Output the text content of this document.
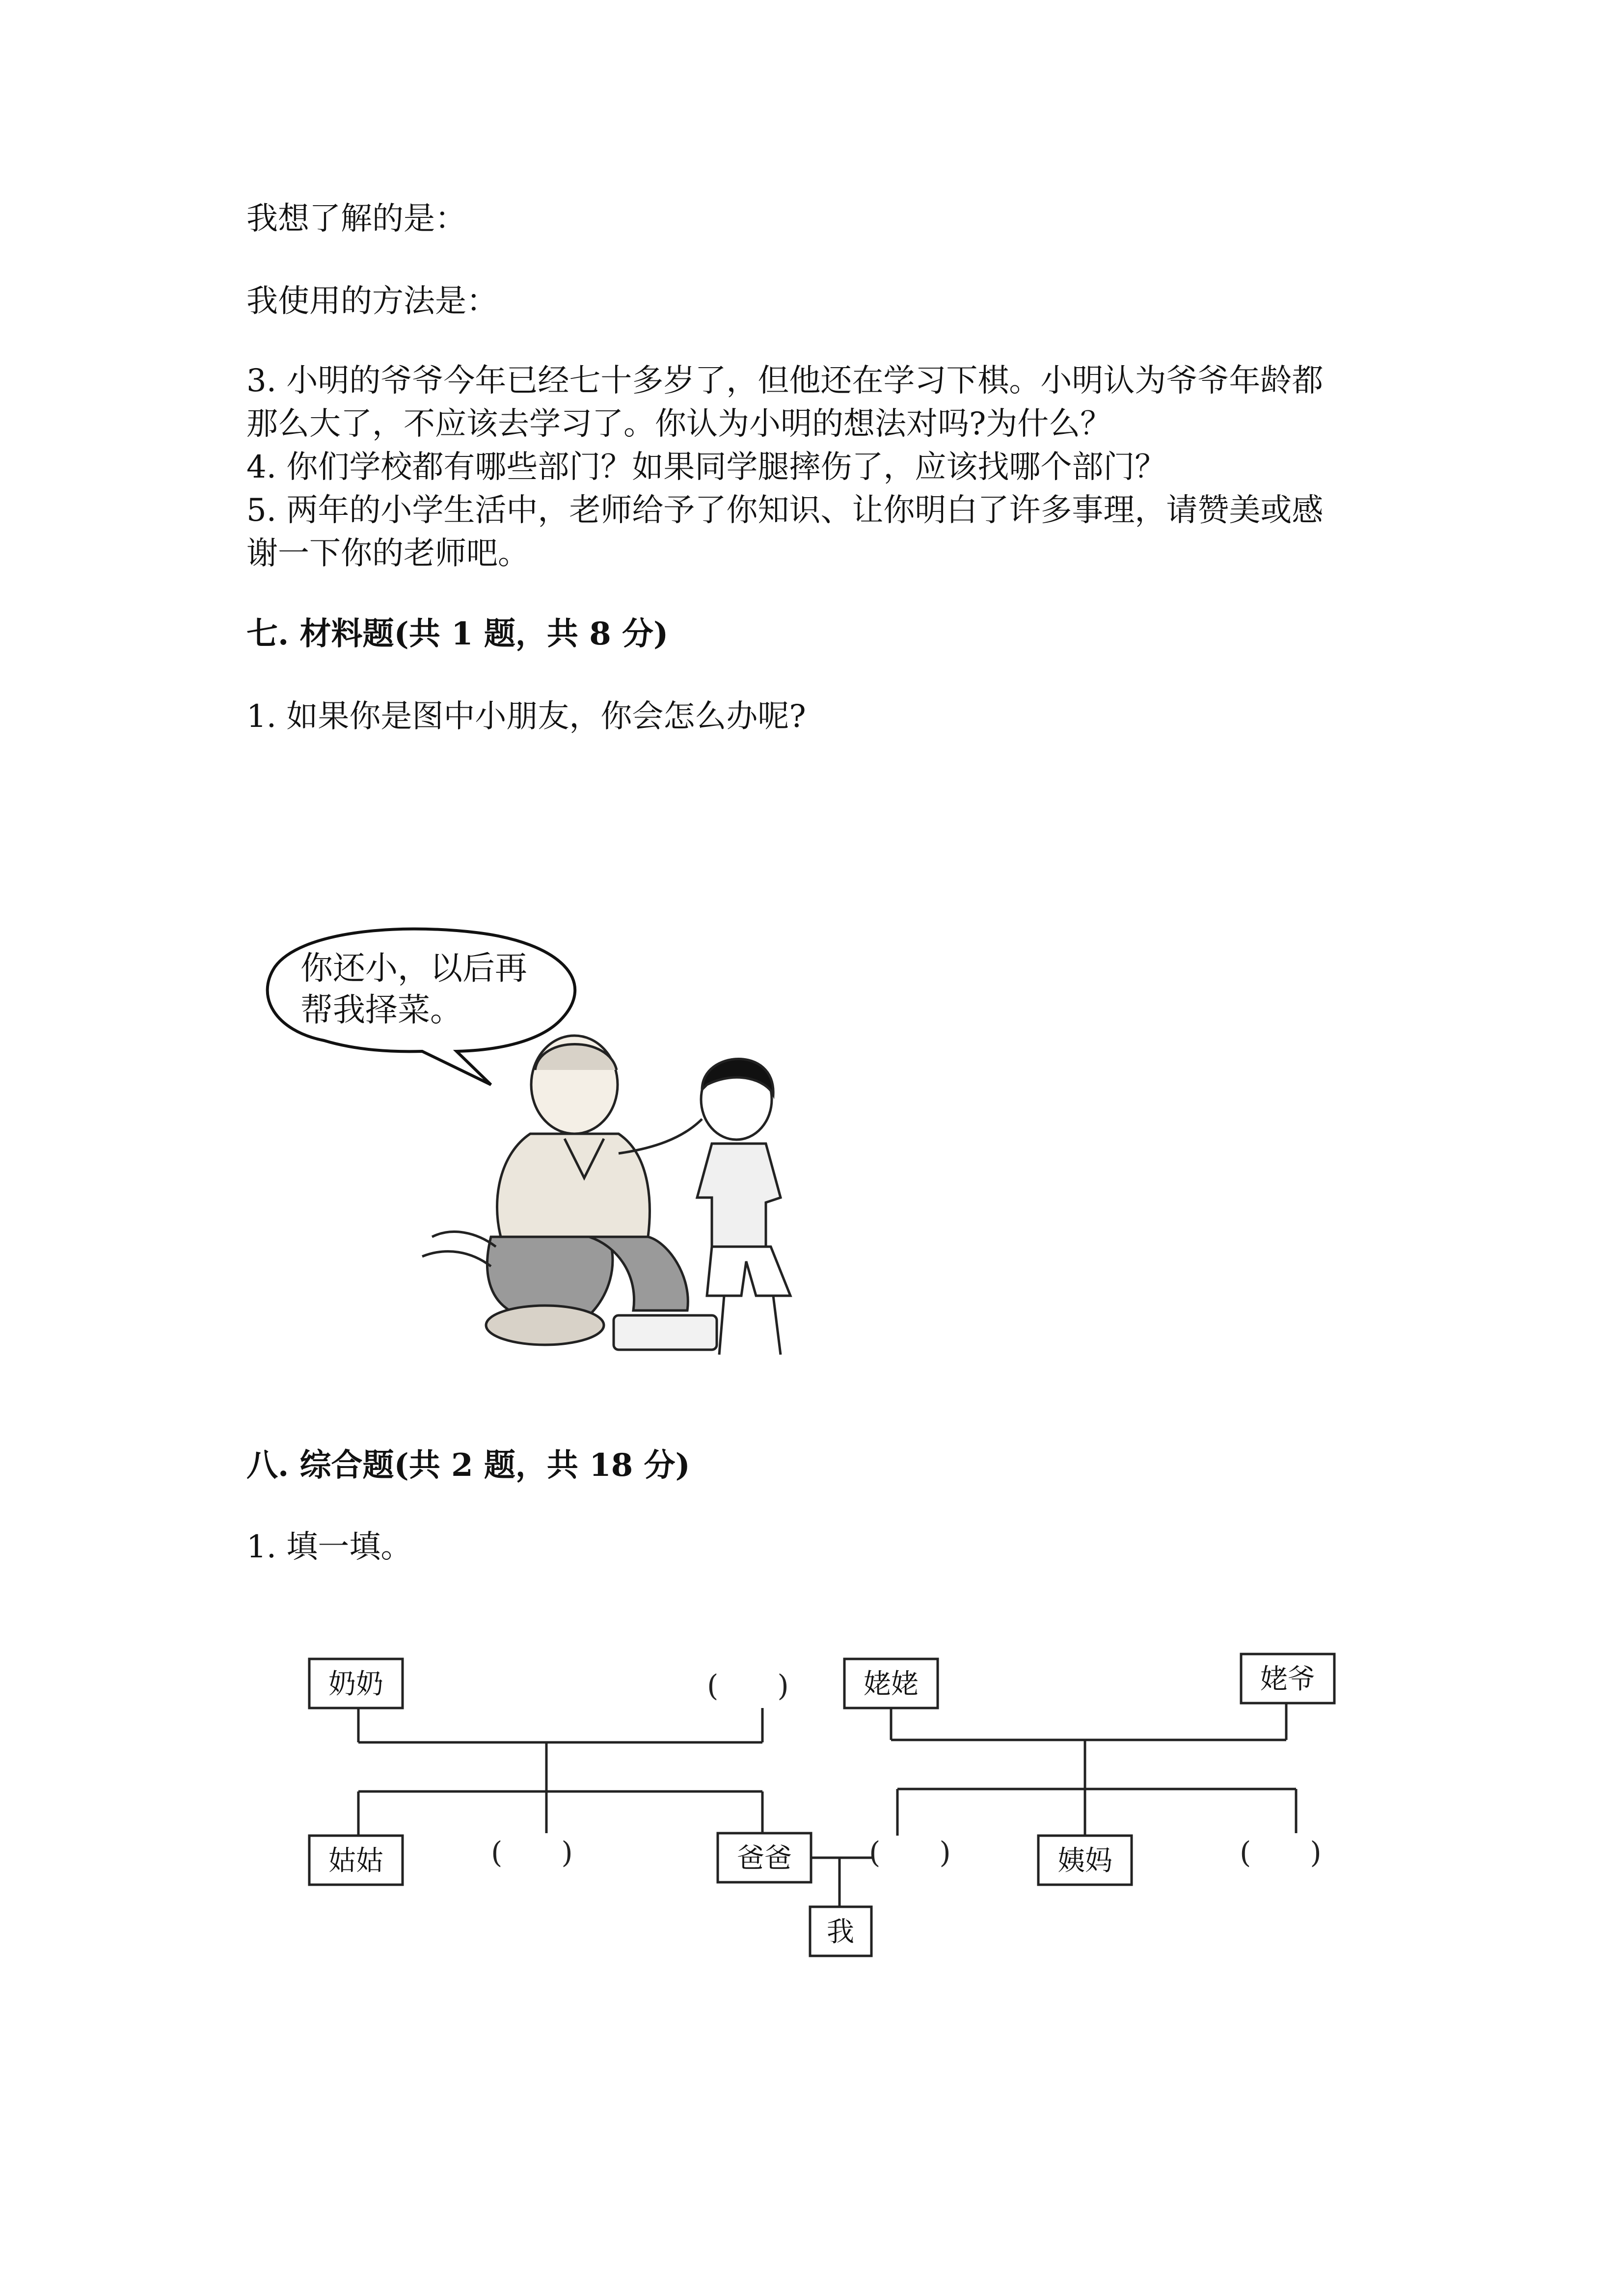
我想了解的是：

我使用的方法是：

3. 小明的爷爷今年已经七十多岁了，但他还在学习下棋。小明认为爷爷年龄都

那么大了，不应该去学习了。你认为小明的想法对吗?为什么？

4. 你们学校都有哪些部门？如果同学腿摔伤了，应该找哪个部门？

5. 两年的小学生活中，老师给予了你知识、让你明白了许多事理，请赞美或感

谢一下你的老师吧。

七. 材料题(共 1 题，共 8 分)

1. 如果你是图中小朋友，你会怎么办呢?

你还小，以后再
帮我择菜。

八. 综合题(共 2 题，共 18 分)

1. 填一填。

奶奶	(　　)	姥姥	姥爷
姑姑	(　　)	爸爸	(　　)	姨妈	(　　)
我
